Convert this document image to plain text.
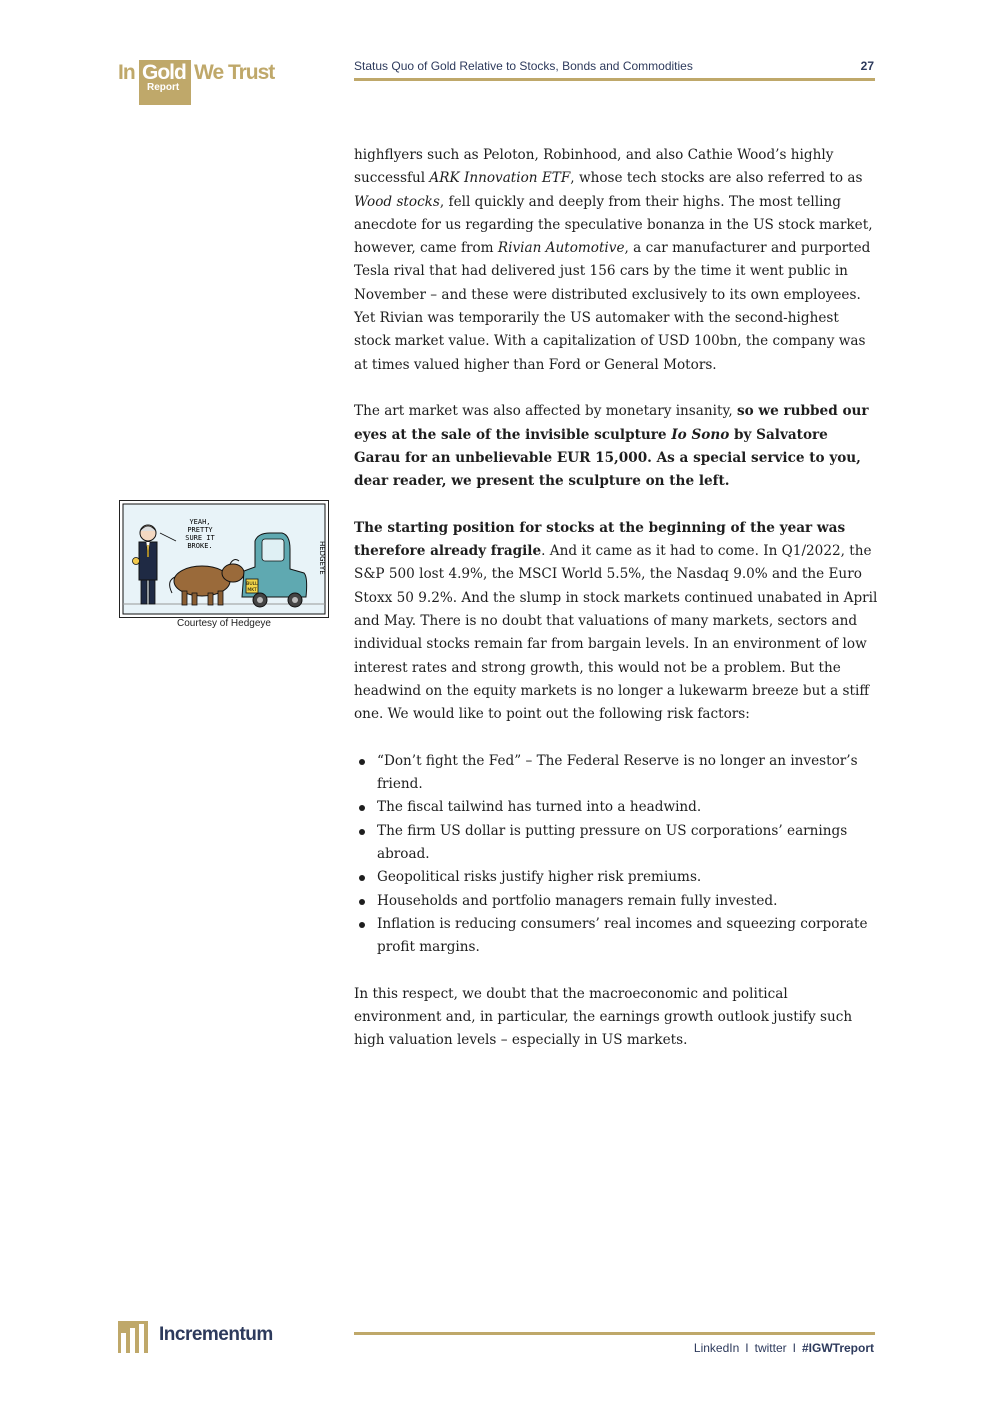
In Gold
Report
We Trust	Status Quo of Gold Relative to Stocks, Bonds and Commodities	27

highflyers such as Peloton, Robinhood, and also Cathie Wood’s highly successful ARK Innovation ETF, whose tech stocks are also referred to as Wood stocks, fell quickly and deeply from their highs. The most telling anecdote for us regarding the speculative bonanza in the US stock market, however, came from Rivian Automotive, a car manufacturer and purported Tesla rival that had delivered just 156 cars by the time it went public in November – and these were distributed exclusively to its own employees. Yet Rivian was temporarily the US automaker with the second-highest stock market value. With a capitalization of USD 100bn, the company was at times valued higher than Ford or General Motors.

The art market was also affected by monetary insanity, so we rubbed our eyes at the sale of the invisible sculpture Io Sono by Salvatore Garau for an unbelievable EUR 15,000. As a special service to you, dear reader, we present the sculpture on the left.

The starting position for stocks at the beginning of the year was therefore already fragile. And it came as it had to come. In Q1/2022, the S&P 500 lost 4.9%, the MSCI World 5.5%, the Nasdaq 9.0% and the Euro Stoxx 50 9.2%. And the slump in stock markets continued unabated in April and May. There is no doubt that valuations of many markets, sectors and individual stocks remain far from bargain levels. In an environment of low interest rates and strong growth, this would not be a problem. But the headwind on the equity markets is no longer a lukewarm breeze but a stiff one. We would like to point out the following risk factors:

“Don’t fight the Fed” – The Federal Reserve is no longer an investor’s friend.
The fiscal tailwind has turned into a headwind.
The firm US dollar is putting pressure on US corporations’ earnings abroad.
Geopolitical risks justify higher risk premiums.
Households and portfolio managers remain fully invested.
Inflation is reducing consumers’ real incomes and squeezing corporate profit margins.

In this respect, we doubt that the macroeconomic and political environment and, in particular, the earnings growth outlook justify such high valuation levels – especially in US markets.

YEAH,
PRETTY
SURE IT
BROKE.
BULL
MKT
HEDGEYE
Courtesy of Hedgeye
Incrementum
LinkedIn I twitter I #IGWTreport
